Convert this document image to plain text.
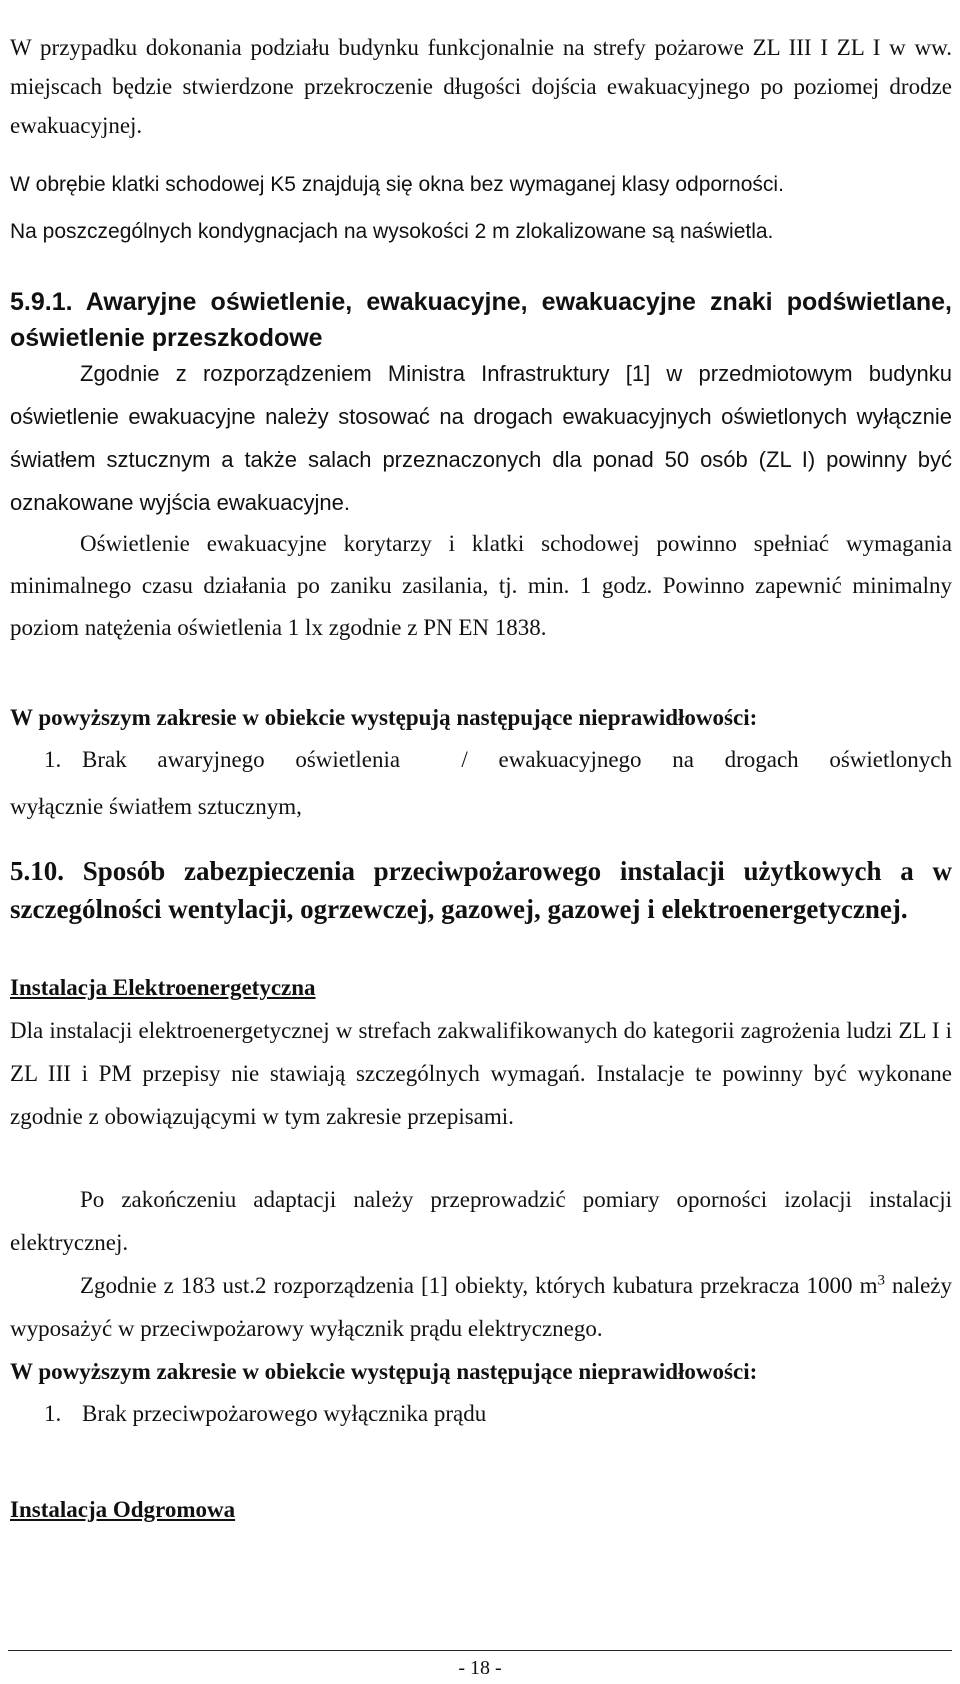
W przypadku dokonania podziału budynku funkcjonalnie na strefy pożarowe ZL III I ZL I w ww. miejscach będzie stwierdzone przekroczenie długości dojścia ewakuacyjnego po poziomej drodze ewakuacyjnej.

W obrębie klatki schodowej K5 znajdują się okna bez wymaganej klasy odporności.

Na poszczególnych kondygnacjach na wysokości 2 m zlokalizowane są naświetla.

5.9.1. Awaryjne oświetlenie, ewakuacyjne, ewakuacyjne znaki podświetlane, oświetlenie przeszkodowe

Zgodnie z rozporządzeniem Ministra Infrastruktury [1] w przedmiotowym budynku oświetlenie ewakuacyjne należy stosować na drogach ewakuacyjnych oświetlonych wyłącznie światłem sztucznym a także salach przeznaczonych dla ponad 50 osób (ZL I) powinny być oznakowane wyjścia ewakuacyjne.

Oświetlenie ewakuacyjne korytarzy i klatki schodowej powinno spełniać wymagania minimalnego czasu działania po zaniku zasilania, tj. min. 1 godz. Powinno zapewnić minimalny poziom natężenia oświetlenia 1 lx zgodnie z PN EN 1838.

W powyższym zakresie w obiekcie występują następujące nieprawidłowości:

1. Brak awaryjnego oświetlenia  / ewakuacyjnego na drogach oświetlonych
wyłącznie światłem sztucznym,
5.10. Sposób zabezpieczenia przeciwpożarowego instalacji użytkowych a w szczególności wentylacji, ogrzewczej, gazowej, gazowej i elektroenergetycznej.

Instalacja Elektroenergetyczna

Dla instalacji elektroenergetycznej w strefach zakwalifikowanych do kategorii zagrożenia ludzi ZL I i ZL III i PM przepisy nie stawiają szczególnych wymagań. Instalacje te powinny być wykonane zgodnie z obowiązującymi w tym zakresie przepisami.

Po zakończeniu adaptacji należy przeprowadzić pomiary oporności izolacji instalacji elektrycznej.

Zgodnie z 183 ust.2 rozporządzenia [1] obiekty, których kubatura przekracza 1000 $m^3$ należy wyposażyć w przeciwpożarowy wyłącznik prądu elektrycznego.

W powyższym zakresie w obiekcie występują następujące nieprawidłowości:

1. Brak przeciwpożarowego wyłącznika prądu

Instalacja Odgromowa

- 18 -
